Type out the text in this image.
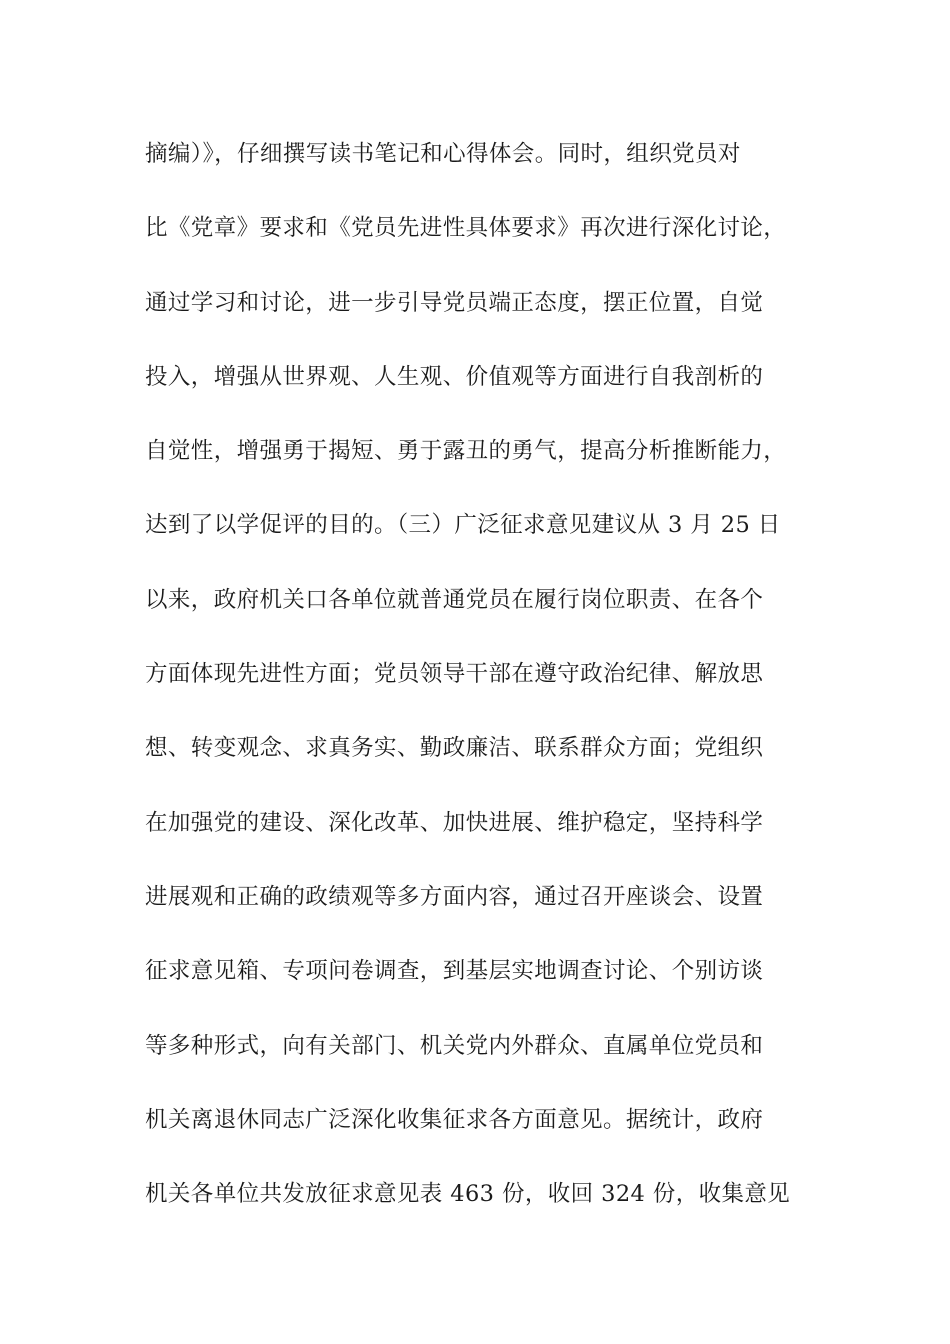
摘编）》，仔细撰写读书笔记和心得体会。同时，组织党员对
比《党章》要求和《党员先进性具体要求》再次进行深化讨论，
通过学习和讨论，进一步引导党员端正态度，摆正位置，自觉
投入，增强从世界观、人生观、价值观等方面进行自我剖析的
自觉性，增强勇于揭短、勇于露丑的勇气，提高分析推断能力，
达到了以学促评的目的。（三）广泛征求意见建议从 3 月 25 日
以来，政府机关口各单位就普通党员在履行岗位职责、在各个
方面体现先进性方面；党员领导干部在遵守政治纪律、解放思
想、转变观念、求真务实、勤政廉洁、联系群众方面；党组织
在加强党的建设、深化改革、加快进展、维护稳定，坚持科学
进展观和正确的政绩观等多方面内容，通过召开座谈会、设置
征求意见箱、专项问卷调查，到基层实地调查讨论、个别访谈
等多种形式，向有关部门、机关党内外群众、直属单位党员和
机关离退休同志广泛深化收集征求各方面意见。据统计，政府
机关各单位共发放征求意见表 463 份，收回 324 份，收集意见
